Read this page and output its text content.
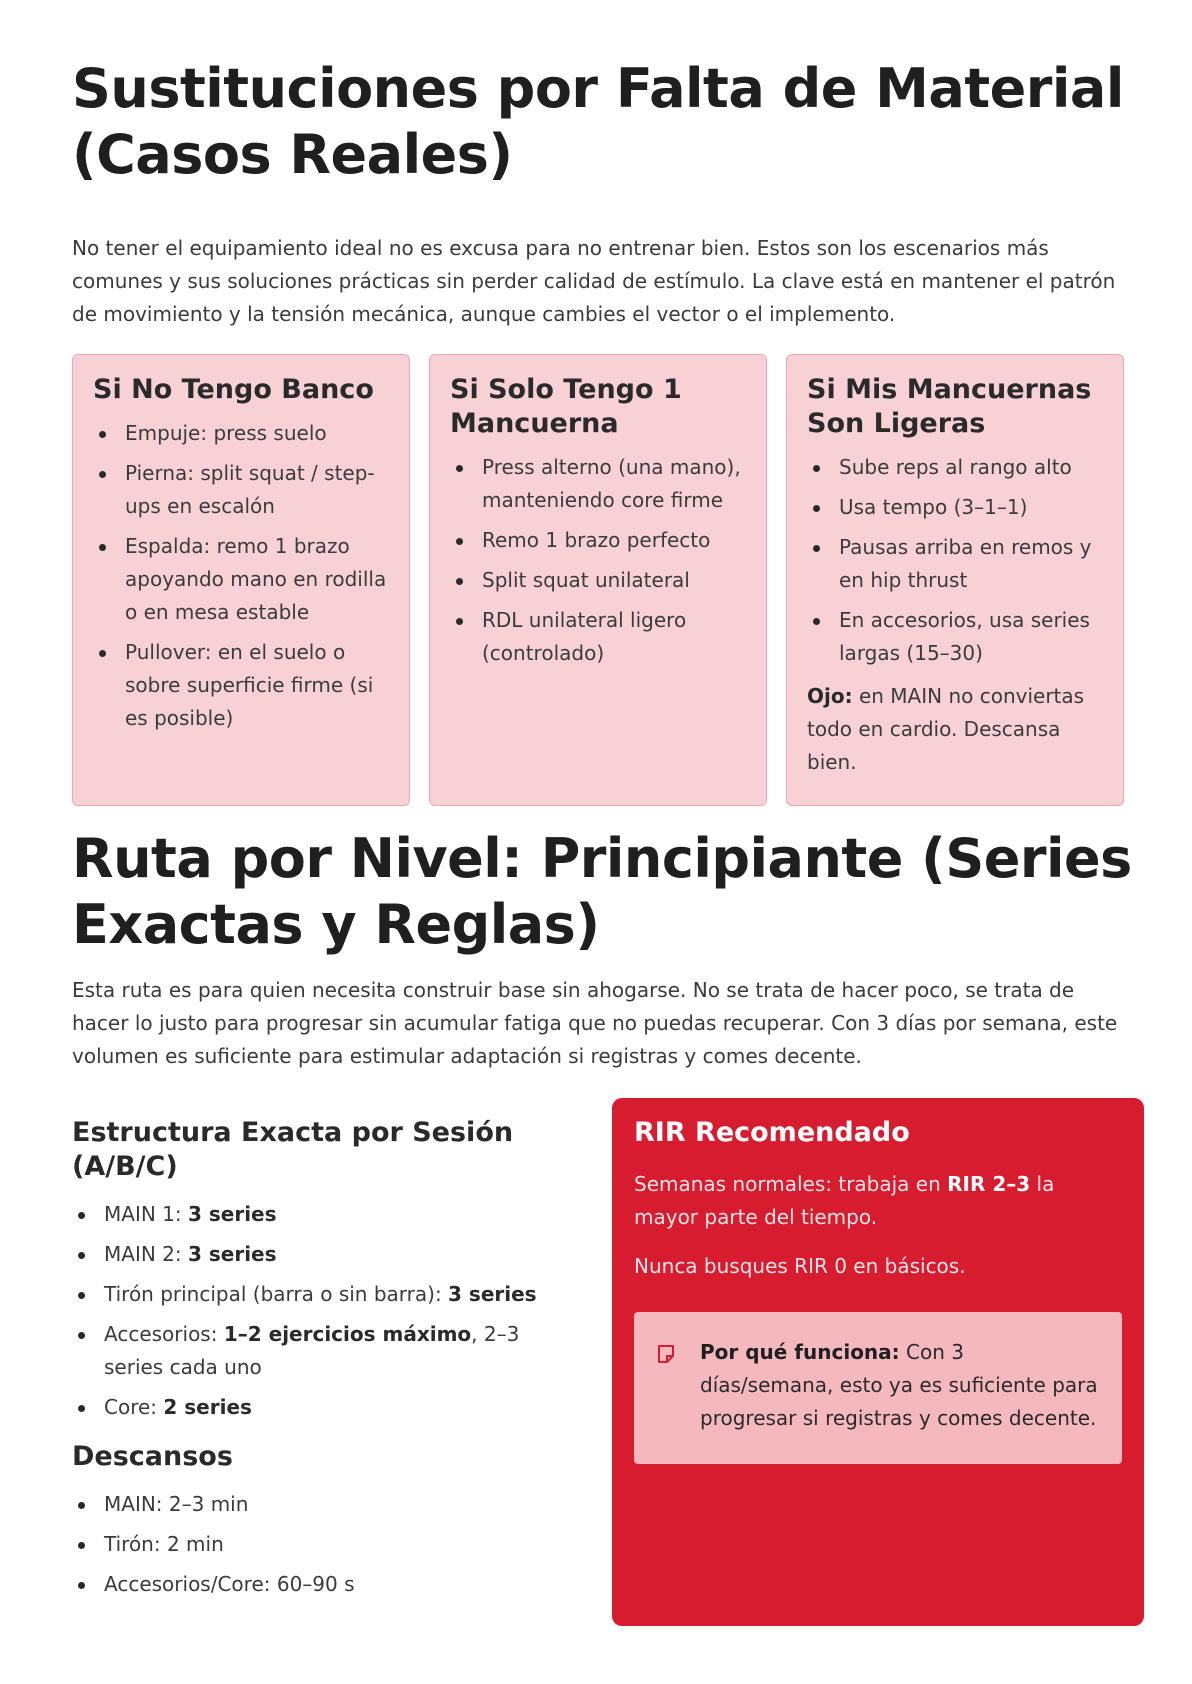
Sustituciones por Falta de Material (Casos Reales)

No tener el equipamiento ideal no es excusa para no entrenar bien. Estos son los escenarios más comunes y sus soluciones prácticas sin perder calidad de estímulo. La clave está en mantener el patrón de movimiento y la tensión mecánica, aunque cambies el vector o el implemento.

Si No Tengo Banco
Empuje: press suelo
Pierna: split squat / step-ups en escalón
Espalda: remo 1 brazo apoyando mano en rodilla o en mesa estable
Pullover: en el suelo o sobre superficie firme (si es posible)
Si Solo Tengo 1 Mancuerna
Press alterno (una mano), manteniendo core firme
Remo 1 brazo perfecto
Split squat unilateral
RDL unilateral ligero (controlado)
Si Mis Mancuernas Son Ligeras
Sube reps al rango alto
Usa tempo (3–1–1)
Pausas arriba en remos y en hip thrust
En accesorios, usa series largas (15–30)

Ojo: en MAIN no conviertas todo en cardio. Descansa bien.

Ruta por Nivel: Principiante (Series Exactas y Reglas)

Esta ruta es para quien necesita construir base sin ahogarse. No se trata de hacer poco, se trata de hacer lo justo para progresar sin acumular fatiga que no puedas recuperar. Con 3 días por semana, este volumen es suficiente para estimular adaptación si registras y comes decente.

Estructura Exacta por Sesión (A/B/C)
MAIN 1: 3 series
MAIN 2: 3 series
Tirón principal (barra o sin barra): 3 series
Accesorios: 1–2 ejercicios máximo, 2–3 series cada uno
Core: 2 series
Descansos
MAIN: 2–3 min
Tirón: 2 min
Accesorios/Core: 60–90 s
RIR Recomendado

Semanas normales: trabaja en RIR 2–3 la mayor parte del tiempo.

Nunca busques RIR 0 en básicos.

Por qué funciona: Con 3 días/semana, esto ya es suficiente para progresar si registras y comes decente.
